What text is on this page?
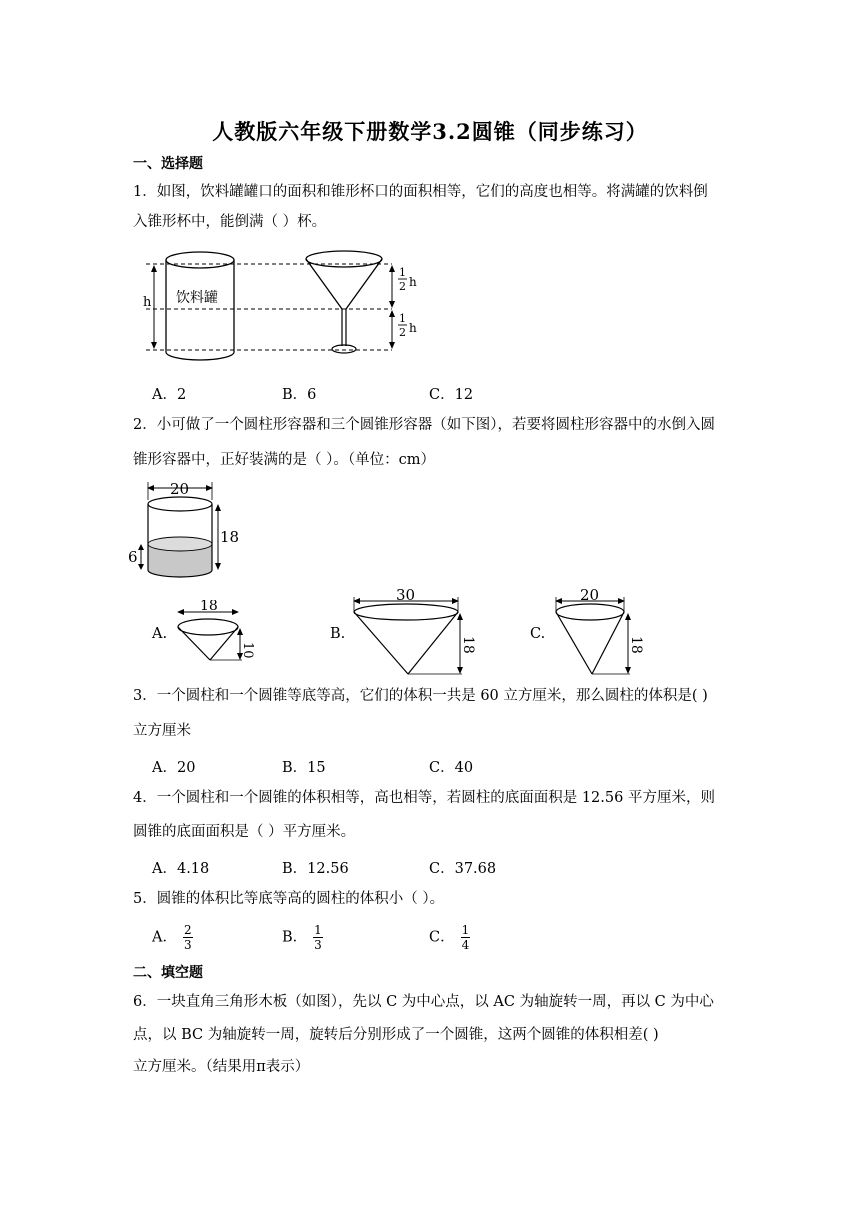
人教版六年级下册数学3.2圆锥（同步练习）
一、选择题
1．如图，饮料罐罐口的面积和锥形杯口的面积相等，它们的高度也相等。将满罐的饮料倒
入锥形杯中，能倒满（ ）杯。
h 饮料罐
1
2 h
1
2 h
A．2	B．6	C．12
2．小可做了一个圆柱形容器和三个圆锥形容器（如下图），若要将圆柱形容器中的水倒入圆
锥形容器中，正好装满的是（ ）。（单位：cm）
20
18
6
A.
18
10
B.
30
18
C.
20
18
3．一个圆柱和一个圆锥等底等高，它们的体积一共是 60 立方厘米，那么圆柱的体积是( )
立方厘米
A．20	B．15	C．40
4．一个圆柱和一个圆锥的体积相等，高也相等，若圆柱的底面面积是 12.56 平方厘米，则
圆锥的底面面积是（ ）平方厘米。
A．4.18	B．12.56	C．37.68
5．圆锥的体积比等底等高的圆柱的体积小（ ）。
A． $\frac{2}{3}$	B． $\frac{1}{3}$	C． $\frac{1}{4}$
二、填空题
6．一块直角三角形木板（如图），先以 C 为中心点，以 AC 为轴旋转一周，再以 C 为中心
点，以 BC 为轴旋转一周，旋转后分别形成了一个圆锥，这两个圆锥的体积相差( )
立方厘米。（结果用π表示）
